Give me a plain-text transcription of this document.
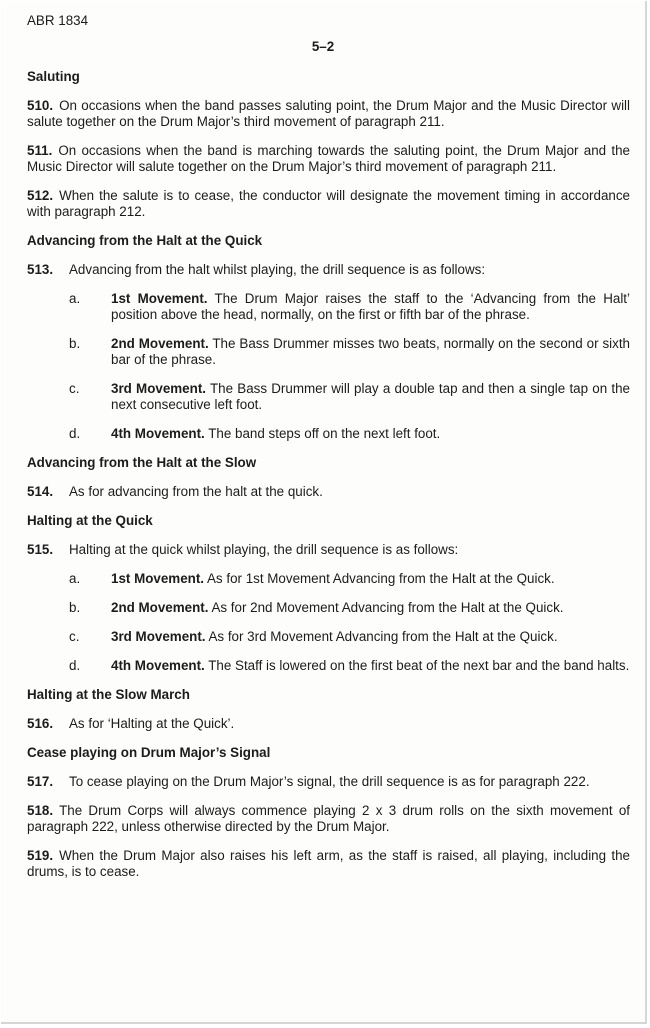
ABR 1834
5–2
Saluting

510. On occasions when the band passes saluting point, the Drum Major and the Music Director will salute together on the Drum Major’s third movement of paragraph 211.

511. On occasions when the band is marching towards the saluting point, the Drum Major and the Music Director will salute together on the Drum Major’s third movement of paragraph 211.

512. When the salute is to cease, the conductor will designate the movement timing in accordance with paragraph 212.

Advancing from the Halt at the Quick

513. Advancing from the halt whilst playing, the drill sequence is as follows:

a. 1st Movement. The Drum Major raises the staff to the ‘Advancing from the Halt’ position above the head, normally, on the first or fifth bar of the phrase.
b. 2nd Movement. The Bass Drummer misses two beats, normally on the second or sixth bar of the phrase.
c. 3rd Movement. The Bass Drummer will play a double tap and then a single tap on the next consecutive left foot.
d. 4th Movement. The band steps off on the next left foot.
Advancing from the Halt at the Slow

514. As for advancing from the halt at the quick.

Halting at the Quick

515. Halting at the quick whilst playing, the drill sequence is as follows:

a. 1st Movement. As for 1st Movement Advancing from the Halt at the Quick.
b. 2nd Movement. As for 2nd Movement Advancing from the Halt at the Quick.
c. 3rd Movement. As for 3rd Movement Advancing from the Halt at the Quick.
d. 4th Movement. The Staff is lowered on the first beat of the next bar and the band halts.
Halting at the Slow March

516. As for ‘Halting at the Quick’.

Cease playing on Drum Major’s Signal

517. To cease playing on the Drum Major’s signal, the drill sequence is as for paragraph 222.

518. The Drum Corps will always commence playing 2 x 3 drum rolls on the sixth movement of paragraph 222, unless otherwise directed by the Drum Major.

519. When the Drum Major also raises his left arm, as the staff is raised, all playing, including the drums, is to cease.
